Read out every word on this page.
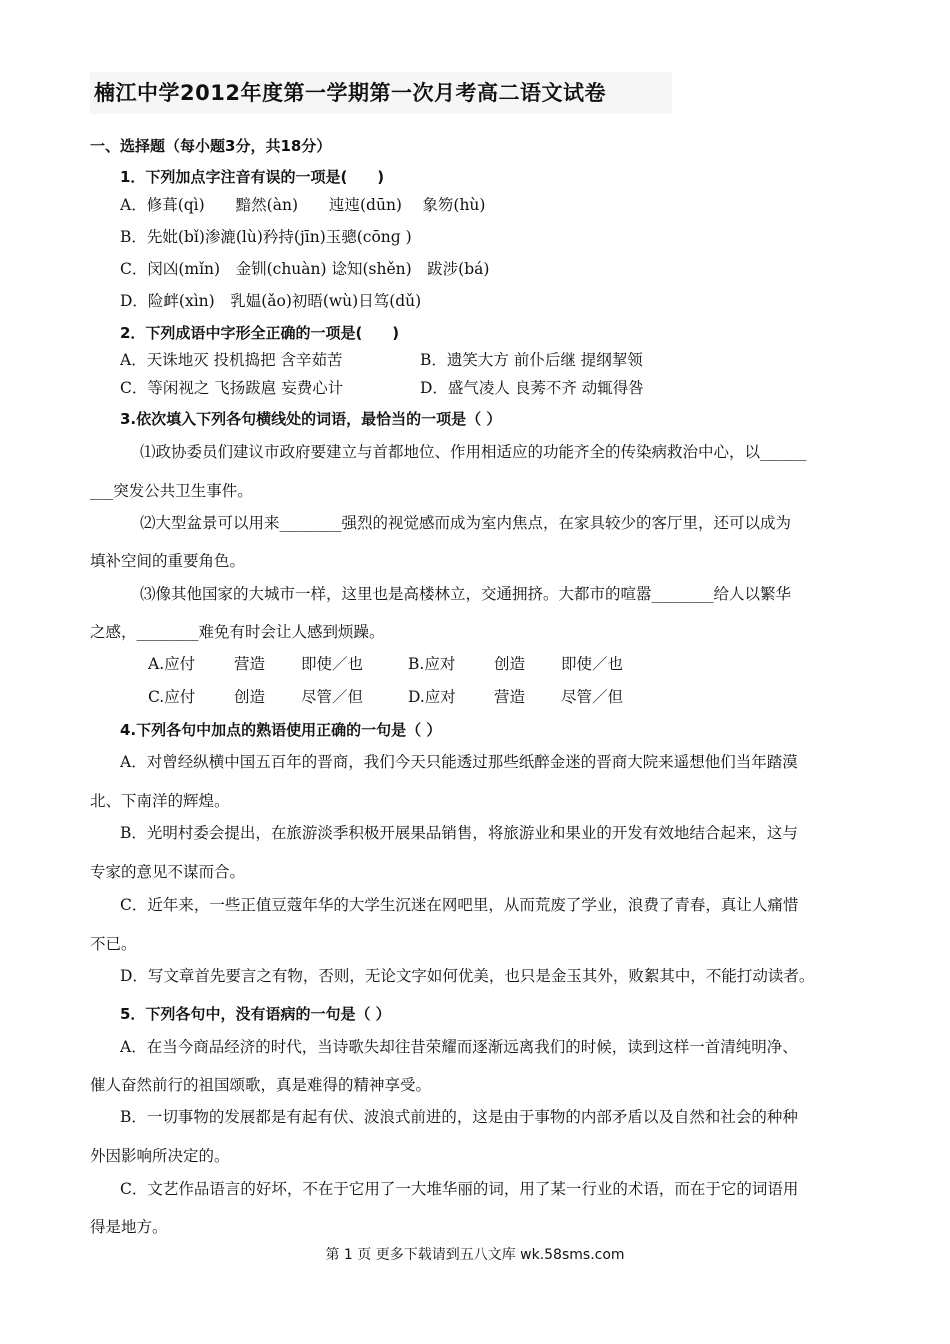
楠江中学2012年度第一学期第一次月考高二语文试卷
一、选择题（每小题3分，共18分）
1．下列加点字注音有误的一项是(　　)
A．修葺(qì)　　黯然(àn)　　迍迍(dūn)　 象笏(hù)
B．先妣(bǐ)渗漉(lù)矜持(jīn)玉骢(cōnɡ )
C．闵凶(mǐn)　金钏(chuàn) 谂知(shěn)　跋涉(bá)
D．险衅(xìn)　乳媪(ǎo)初晤(wù)日笃(dǔ)
2．下列成语中字形全正确的一项是(　　)
A．天诛地灭 投机捣把 含辛茹苦	B．遗笑大方 前仆后继 提纲挈领
C．等闲视之 飞扬跋扈 妄费心计	D．盛气凌人 良莠不齐 动辄得咎
3.依次填入下列各句横线处的词语，最恰当的一项是（ ）
⑴政协委员们建议市政府要建立与首都地位、作用相适应的功能齐全的传染病救治中心，以______
___突发公共卫生事件。
⑵大型盆景可以用来________强烈的视觉感而成为室内焦点，在家具较少的客厅里，还可以成为
填补空间的重要角色。
⑶像其他国家的大城市一样，这里也是高楼林立，交通拥挤。大都市的喧嚣________给人以繁华
之感，________难免有时会让人感到烦躁。
A.应付	营造 即使／也	B.应对 创造 即使／也
C.应付	创造 尽管／但	D.应对 营造 尽管／但
4.下列各句中加点的熟语使用正确的一句是（ ）
A．对曾经纵横中国五百年的晋商，我们今天只能透过那些纸醉金迷的晋商大院来遥想他们当年踏漠
北、下南洋的辉煌。
B．光明村委会提出，在旅游淡季积极开展果品销售，将旅游业和果业的开发有效地结合起来，这与
专家的意见不谋而合。
C．近年来，一些正值豆蔻年华的大学生沉迷在网吧里，从而荒废了学业，浪费了青春，真让人痛惜
不已。
D．写文章首先要言之有物，否则，无论文字如何优美，也只是金玉其外，败絮其中，不能打动读者。
5．下列各句中，没有语病的一句是（ ）
A．在当今商品经济的时代，当诗歌失却往昔荣耀而逐渐远离我们的时候，读到这样一首清纯明净、
催人奋然前行的祖国颂歌，真是难得的精神享受。
B．一切事物的发展都是有起有伏、波浪式前进的，这是由于事物的内部矛盾以及自然和社会的种种
外因影响所决定的。
C．文艺作品语言的好坏，不在于它用了一大堆华丽的词，用了某一行业的术语，而在于它的词语用
得是地方。
第 1 页 更多下载请到五八文库 wk.58sms.com
